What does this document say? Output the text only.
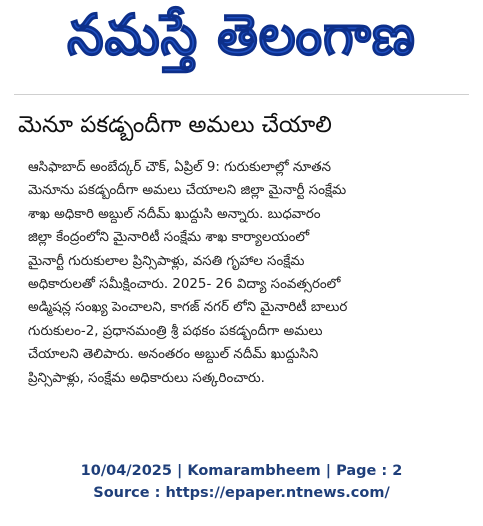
నమస్తే తెలంగాణ
మెనూ పకడ్బందీగా అమలు చేయాలి
ఆసిఫాబాద్ అంబేద్కర్ చౌక్, ఏప్రిల్ 9: గురుకులాల్లో నూతన
మెనూను పకడ్బందీగా అమలు చేయాలని జిల్లా మైనార్టీ సంక్షేమ
శాఖ అధికారి అబ్దుల్ నదీమ్ ఖుద్దుసి అన్నారు. బుధవారం
జిల్లా కేంద్రంలోని మైనారిటీ సంక్షేమ శాఖ కార్యాలయంలో
మైనార్టీ గురుకులాల ప్రిన్సిపాళ్లు, వసతి గృహాల సంక్షేమ
అధికారులతో సమీక్షించారు. 2025- 26 విద్యా సంవత్సరంలో
అడ్మిషన్ల సంఖ్య పెంచాలని, కాగజ్ నగర్ లోని మైనారిటీ బాలుర
గురుకులం-2, ప్రధానమంత్రి శ్రీ పథకం పకడ్బందీగా అమలు
చేయాలని తెలిపారు. అనంతరం అబ్దుల్ నదీమ్ ఖుద్దుసిని
ప్రిన్సిపాళ్లు, సంక్షేమ అధికారులు సత్కరించారు.
10/04/2025 | Komarambheem | Page : 2
Source : https://epaper.ntnews.com/
